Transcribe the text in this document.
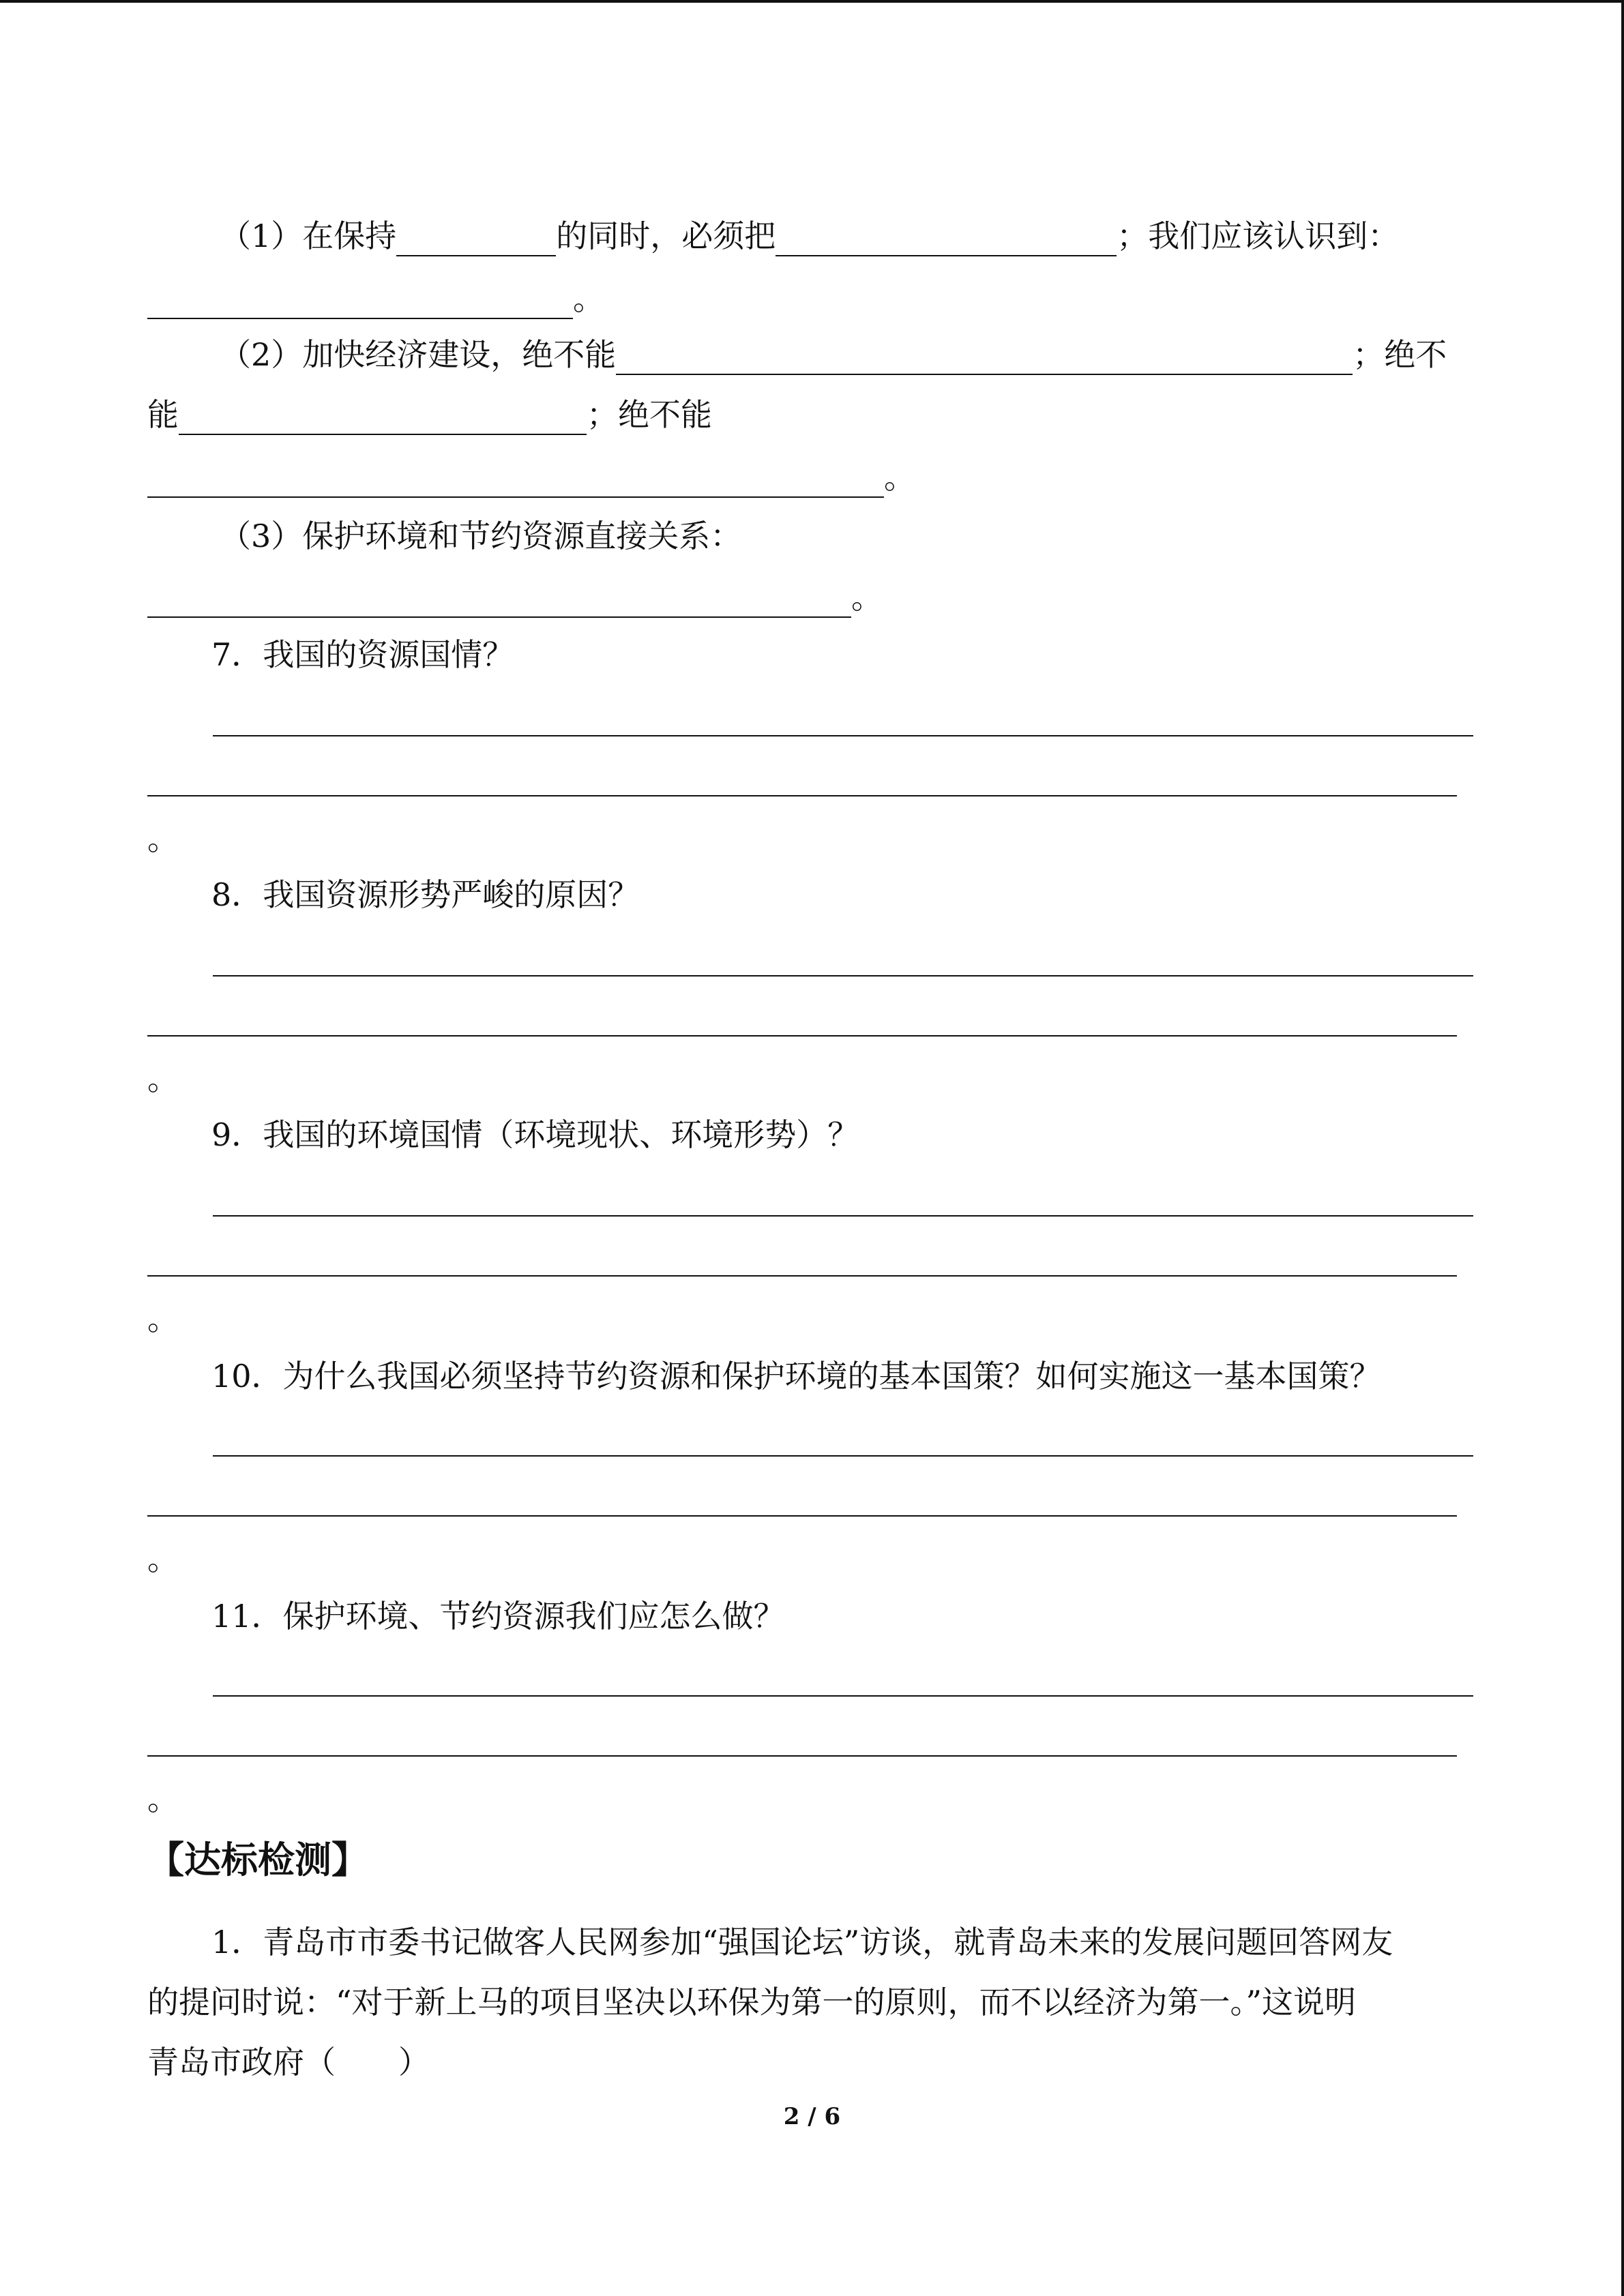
（1）在保持	的同时，必须把	；我们应该认识到：
。
（2）加快经济建设，绝不能	；绝不
能	；绝不能
。
（3）保护环境和节约资源直接关系：
。
7．我国的资源国情？
。
8．我国资源形势严峻的原因？
。
9．我国的环境国情（环境现状、环境形势）？
。
10．为什么我国必须坚持节约资源和保护环境的基本国策？如何实施这一基本国策？
。
11．保护环境、节约资源我们应怎么做？
。
【达标检测】
1．青岛市市委书记做客人民网参加“强国论坛”访谈，就青岛未来的发展问题回答网友
的提问时说：“对于新上马的项目坚决以环保为第一的原则，而不以经济为第一。”这说明
青岛市政府（　　）
2 / 6
